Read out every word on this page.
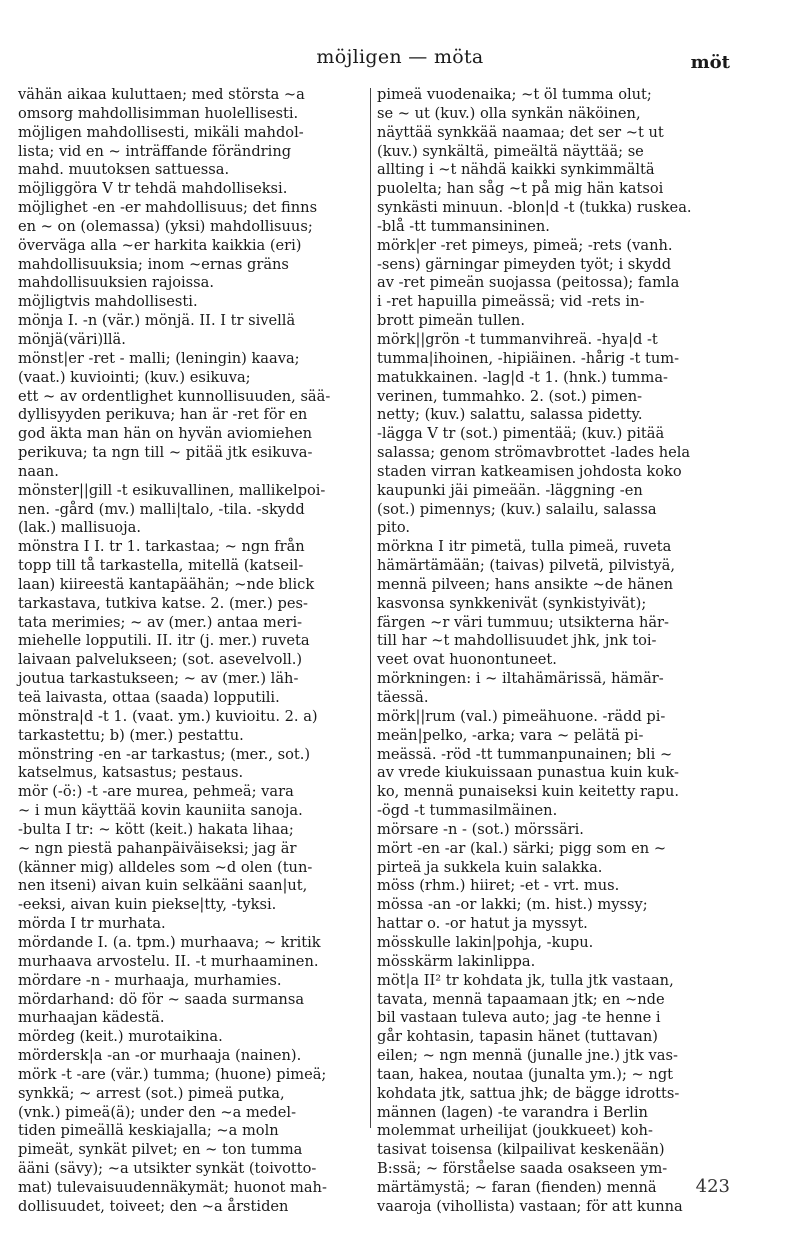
möjligen — möta	möt
vähän aikaa kuluttaen; med största ~a
omsorg mahdollisimman huolellisesti.
möjligen mahdollisesti, mikäli mahdol-
lista; vid en ~ inträffande förändring
mahd. muutoksen sattuessa.
möjliggöra V tr tehdä mahdolliseksi.
möjlighet -en -er mahdollisuus; det finns
en ~ on (olemassa) (yksi) mahdollisuus;
överväga alla ~er harkita kaikkia (eri)
mahdollisuuksia; inom ~ernas gräns
mahdollisuuksien rajoissa.
möjligtvis mahdollisesti.
mönja I. -n (vär.) mönjä. II. I tr sivellä
mönjä(väri)llä.
mönst|er -ret - malli; (leningin) kaava;
(vaat.) kuviointi; (kuv.) esikuva;
ett ~ av ordentlighet kunnollisuuden, sää-
dyllisyyden perikuva; han är -ret för en
god äkta man hän on hyvän aviomiehen
perikuva; ta ngn till ~ pitää jtk esikuva-
naan.
mönster||gill -t esikuvallinen, mallikelpoi-
nen. -gård (mv.) malli|talo, -tila. -skydd
(lak.) mallisuoja.
mönstra I I. tr 1. tarkastaa; ~ ngn från
topp till tå tarkastella, mitellä (katseil-
laan) kiireestä kantapäähän; ~nde blick
tarkastava, tutkiva katse. 2. (mer.) pes-
tata merimies; ~ av (mer.) antaa meri-
miehelle lopputili. II. itr (j. mer.) ruveta
laivaan palvelukseen; (sot. asevelvoll.)
joutua tarkastukseen; ~ av (mer.) läh-
teä laivasta, ottaa (saada) lopputili.
mönstra|d -t 1. (vaat. ym.) kuvioitu. 2. a)
tarkastettu; b) (mer.) pestattu.
mönstring -en -ar tarkastus; (mer., sot.)
katselmus, katsastus; pestaus.
mör (-ö:) -t -are murea, pehmeä; vara
~ i mun käyttää kovin kauniita sanoja.
-bulta I tr: ~ kött (keit.) hakata lihaa;
~ ngn piestä pahanpäiväiseksi; jag är
(känner mig) alldeles som ~d olen (tun-
nen itseni) aivan kuin selkääni saan|ut,
-eeksi, aivan kuin piekse|tty, -tyksi.
mörda I tr murhata.
mördande I. (a. tpm.) murhaava; ~ kritik
murhaava arvostelu. II. -t murhaaminen.
mördare -n - murhaaja, murhamies.
mördarhand: dö för ~ saada surmansa
murhaajan kädestä.
mördeg (keit.) murotaikina.
mördersk|a -an -or murhaaja (nainen).
mörk -t -are (vär.) tumma; (huone) pimeä;
synkkä; ~ arrest (sot.) pimeä putka,
(vnk.) pimeä(ä); under den ~a medel-
tiden pimeällä keskiajalla; ~a moln
pimeät, synkät pilvet; en ~ ton tumma
ääni (sävy); ~a utsikter synkät (toivotto-
mat) tulevaisuudennäkymät; huonot mah-
dollisuudet, toiveet; den ~a årstiden
pimeä vuodenaika; ~t öl tumma olut;
se ~ ut (kuv.) olla synkän näköinen,
näyttää synkkää naamaa; det ser ~t ut
(kuv.) synkältä, pimeältä näyttää; se
allting i ~t nähdä kaikki synkimmältä
puolelta; han såg ~t på mig hän katsoi
synkästi minuun. -blon|d -t (tukka) ruskea.
-blå -tt tummansininen.
mörk|er -ret pimeys, pimeä; -rets (vanh.
-sens) gärningar pimeyden työt; i skydd
av -ret pimeän suojassa (peitossa); famla
i -ret hapuilla pimeässä; vid -rets in-
brott pimeän tullen.
mörk||grön -t tummanvihreä. -hya|d -t
tumma|ihoinen, -hipiäinen. -hårig -t tum-
matukkainen. -lag|d -t 1. (hnk.) tumma-
verinen, tummahko. 2. (sot.) pimen-
netty; (kuv.) salattu, salassa pidetty.
-lägga V tr (sot.) pimentää; (kuv.) pitää
salassa; genom strömavbrottet -lades hela
staden virran katkeamisen johdosta koko
kaupunki jäi pimeään. -läggning -en
(sot.) pimennys; (kuv.) salailu, salassa
pito.
mörkna I itr pimetä, tulla pimeä, ruveta
hämärtämään; (taivas) pilvetä, pilvistyä,
mennä pilveen; hans ansikte ~de hänen
kasvonsa synkkenivät (synkistyivät);
färgen ~r väri tummuu; utsikterna här-
till har ~t mahdollisuudet jhk, jnk toi-
veet ovat huonontuneet.
mörkningen: i ~ iltahämärissä, hämär-
täessä.
mörk||rum (val.) pimeähuone. -rädd pi-
meän|pelko, -arka; vara ~ pelätä pi-
meässä. -röd -tt tummanpunainen; bli ~
av vrede kiukuissaan punastua kuin kuk-
ko, mennä punaiseksi kuin keitetty rapu.
-ögd -t tummasilmäinen.
mörsare -n - (sot.) mörssäri.
mört -en -ar (kal.) särki; pigg som en ~
pirteä ja sukkela kuin salakka.
möss (rhm.) hiiret; -et - vrt. mus.
mössa -an -or lakki; (m. hist.) myssy;
hattar o. -or hatut ja myssyt.
mösskulle lakin|pohja, -kupu.
mösskärm lakinlippa.
möt|a II² tr kohdata jk, tulla jtk vastaan,
tavata, mennä tapaamaan jtk; en ~nde
bil vastaan tuleva auto; jag -te henne i
går kohtasin, tapasin hänet (tuttavan)
eilen; ~ ngn mennä (junalle jne.) jtk vas-
taan, hakea, noutaa (junalta ym.); ~ ngt
kohdata jtk, sattua jhk; de bägge idrotts-
männen (lagen) -te varandra i Berlin
molemmat urheilijat (joukkueet) koh-
tasivat toisensa (kilpailivat keskenään)
B:ssä; ~ förståelse saada osakseen ym-
märtämystä; ~ faran (fienden) mennä
vaaroja (vihollista) vastaan; för att kunna
423
